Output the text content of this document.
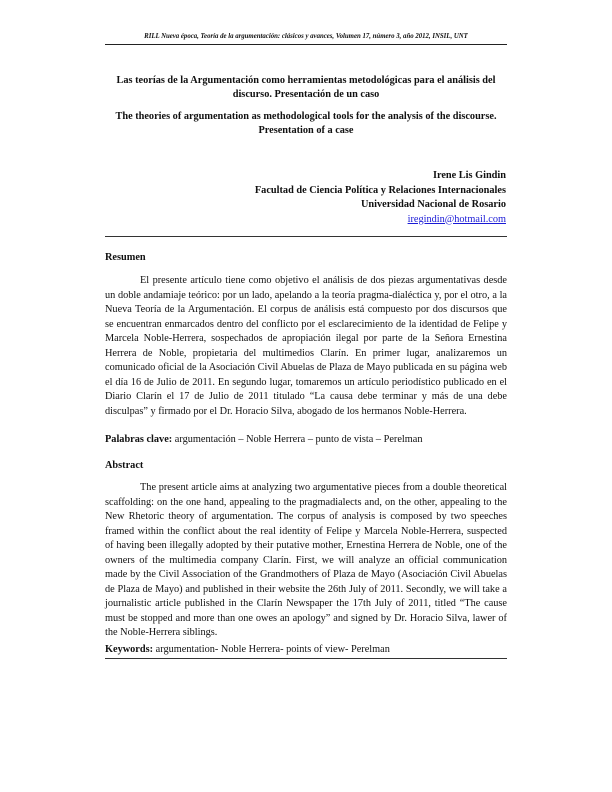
RILL Nueva época, Teoría de la argumentación: clásicos y avances, Volumen 17, número 3, año 2012, INSIL, UNT

Las teorías de la Argumentación como herramientas metodológicas para el análisis del discurso. Presentación de un caso

The theories of argumentation as methodological tools for the analysis of the discourse. Presentation of a case

Irene Lis Gindin
Facultad de Ciencia Política y Relaciones Internacionales
Universidad Nacional de Rosario
iregindin@hotmail.com

Resumen

El presente artículo tiene como objetivo el análisis de dos piezas argumentativas desde un doble andamiaje teórico: por un lado, apelando a la teoría pragma-dialéctica y, por el otro, a la Nueva Teoría de la Argumentación. El corpus de análisis está compuesto por dos discursos que se encuentran enmarcados dentro del conflicto por el esclarecimiento de la identidad de Felipe y Marcela Noble-Herrera, sospechados de apropiación ilegal por parte de la Señora Ernestina Herrera de Noble, propietaria del multimedios Clarín. En primer lugar, analizaremos un comunicado oficial de la Asociación Civil Abuelas de Plaza de Mayo publicada en su página web el día 16 de Julio de 2011. En segundo lugar, tomaremos un artículo periodístico publicado en el Diario Clarín el 17 de Julio de 2011 titulado “La causa debe terminar y más de una debe disculpas” y firmado por el Dr. Horacio Silva, abogado de los hermanos Noble-Herrera.

Palabras clave: argumentación – Noble Herrera – punto de vista – Perelman

Abstract

The present article aims at analyzing two argumentative pieces from a double theoretical scaffolding: on the one hand, appealing to the pragmadialects and, on the other, appealing to the New Rhetoric theory of argumentation. The corpus of analysis is composed by two speeches framed within the conflict about the real identity of Felipe y Marcela Noble-Herrera, suspected of having been illegally adopted by their putative mother, Ernestina Herrera de Noble, one of the owners of the multimedia company Clarín. First, we will analyze an official communication made by the Civil Association of the Grandmothers of Plaza de Mayo (Asociación Civil Abuelas de Plaza de Mayo) and published in their website the 26th July of 2011. Secondly, we will take a journalistic article published in the Clarín Newspaper the 17th July of 2011, titled “The cause must be stopped and more than one owes an apology” and signed by Dr. Horacio Silva, lawer of the Noble-Herrera siblings.

Keywords: argumentation- Noble Herrera- points of view- Perelman
